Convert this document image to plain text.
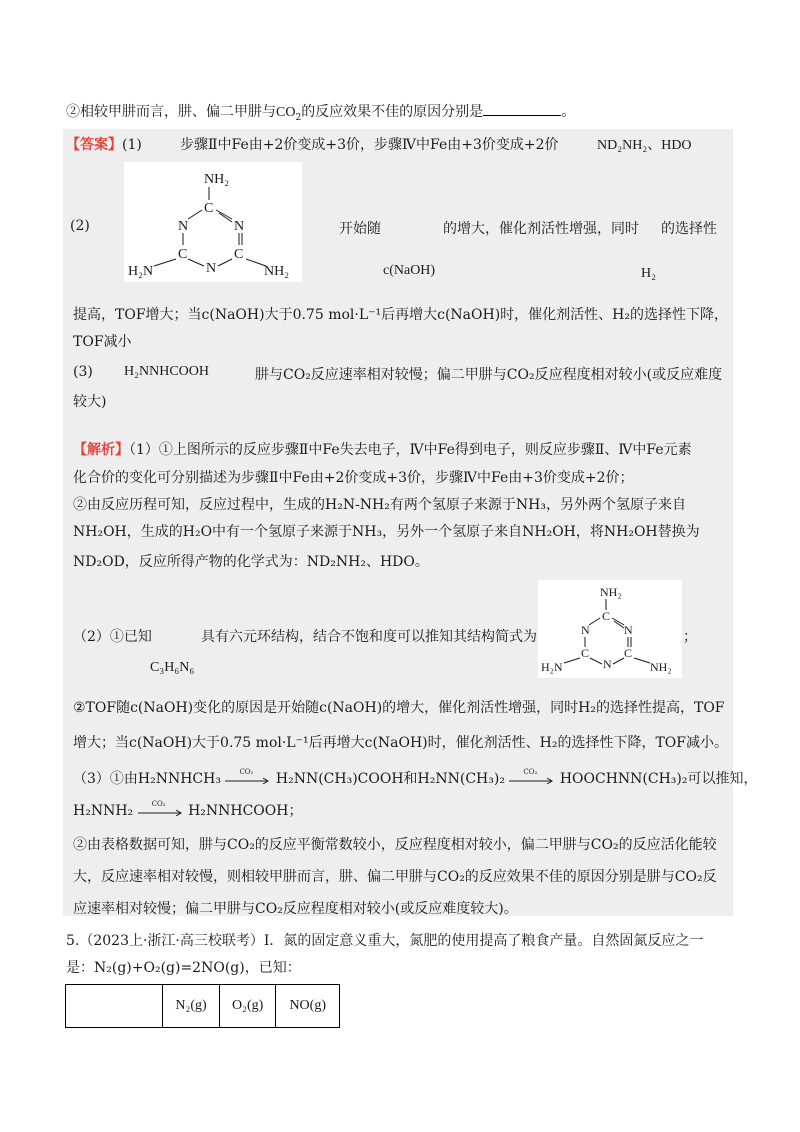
②相较甲肼而言，肼、偏二甲肼与$CO_2$的反应效果不佳的原因分别是	。
【答案】(1)	步骤Ⅱ中Fe由+2价变成+3价，步骤Ⅳ中Fe由+3价变成+2价	ND₂NH₂、HDO
NH₂
C
N	N
C	C
N
H₂N	NH₂
(2)	开始随	的增大，催化剂活性增强，同时 的选择性
c(NaOH)	H₂
提高，TOF增大；当c(NaOH)大于0.75 mol·L⁻¹后再增大c(NaOH)时，催化剂活性、H₂的选择性下降，
TOF减小
(3) H₂NNHCOOH	肼与CO₂反应速率相对较慢；偏二甲肼与CO₂反应程度相对较小(或反应难度
较大)
【解析】（1）①上图所示的反应步骤Ⅱ中Fe失去电子，Ⅳ中Fe得到电子，则反应步骤Ⅱ、Ⅳ中Fe元素
化合价的变化可分别描述为步骤Ⅱ中Fe由+2价变成+3价，步骤Ⅳ中Fe由+3价变成+2价；
②由反应历程可知，反应过程中，生成的H₂N-NH₂有两个氢原子来源于NH₃，另外两个氢原子来自
NH₂OH，生成的H₂O中有一个氢原子来源于NH₃，另外一个氢原子来自NH₂OH，将NH₂OH替换为
ND₂OD，反应所得产物的化学式为：ND₂NH₂、HDO。
（2）①已知	具有六元环结构，结合不饱和度可以推知其结构简式为	；
C₃H₆N₆
NH₂
C
N	N
C	C
N
H₂N	NH₂
②TOF随c(NaOH)变化的原因是开始随c(NaOH)的增大，催化剂活性增强，同时H₂的选择性提高，TOF
增大；当c(NaOH)大于0.75 mol·L⁻¹后再增大c(NaOH)时，催化剂活性、H₂的选择性下降，TOF减小。
（3）①由H₂NNHCH₃	CO₂ H₂NN(CH₃)COOH和H₂NN(CH₃)₂	CO₂ HOOCHNN(CH₃)₂可以推知，
H₂NNH₂	CO₂ H₂NNHCOOH；
②由表格数据可知，肼与CO₂的反应平衡常数较小，反应程度相对较小，偏二甲肼与CO₂的反应活化能较
大，反应速率相对较慢，则相较甲肼而言，肼、偏二甲肼与CO₂的反应效果不佳的原因分别是肼与CO₂反
应速率相对较慢；偏二甲肼与CO₂反应程度相对较小(或反应难度较大)。
5.（2023上·浙江·高三校联考）I．氮的固定意义重大，氮肥的使用提高了粮食产量。自然固氮反应之一
是：N₂(g)+O₂(g)=2NO(g)，已知：
	N₂(g)	O₂(g)	NO(g)
